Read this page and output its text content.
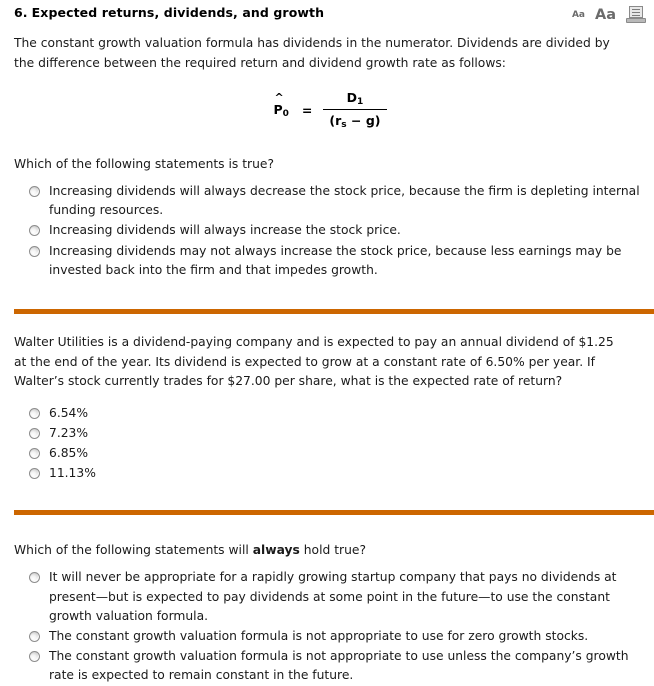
6. Expected returns, dividends, and growth	Aa Aa
The constant growth valuation formula has dividends in the numerator. Dividends are divided by the difference between the required return and dividend growth rate as follows:
^
$P_0 = \frac{D_1}{(r_s - g)}$
Which of the following statements is true?
Increasing dividends will always decrease the stock price, because the firm is depleting internal funding resources.
Increasing dividends will always increase the stock price.
Increasing dividends may not always increase the stock price, because less earnings may be invested back into the firm and that impedes growth.
Walter Utilities is a dividend-paying company and is expected to pay an annual dividend of $1.25 at the end of the year. Its dividend is expected to grow at a constant rate of 6.50% per year. If Walter’s stock currently trades for $27.00 per share, what is the expected rate of return?
6.54%
7.23%
6.85%
11.13%
Which of the following statements will always hold true?
It will never be appropriate for a rapidly growing startup company that pays no dividends at present—but is expected to pay dividends at some point in the future—to use the constant growth valuation formula.
The constant growth valuation formula is not appropriate to use for zero growth stocks.
The constant growth valuation formula is not appropriate to use unless the company’s growth rate is expected to remain constant in the future.
